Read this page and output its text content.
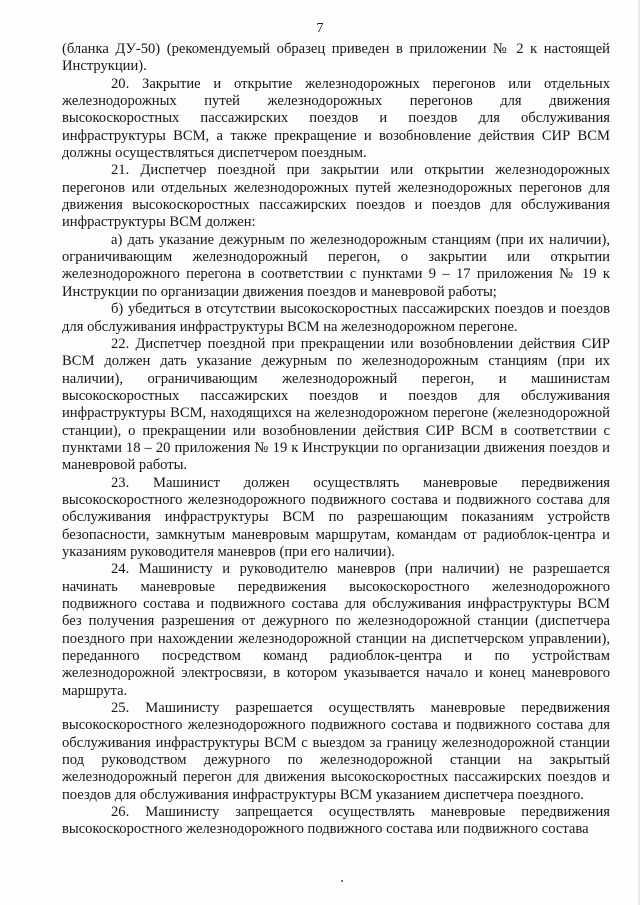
7

(бланка ДУ-50) (рекомендуемый образец приведен в приложении № 2 к настоящей Инструкции).

20. Закрытие и открытие железнодорожных перегонов или отдельных железнодорожных путей железнодорожных перегонов для движения высокоскоростных пассажирских поездов и поездов для обслуживания инфраструктуры ВСМ, а также прекращение и возобновление действия СИР ВСМ должны осуществляться диспетчером поездным.

21. Диспетчер поездной при закрытии или открытии железнодорожных перегонов или отдельных железнодорожных путей железнодорожных перегонов для движения высокоскоростных пассажирских поездов и поездов для обслуживания инфраструктуры ВСМ должен:

а) дать указание дежурным по железнодорожным станциям (при их наличии), ограничивающим железнодорожный перегон, о закрытии или открытии железнодорожного перегона в соответствии с пунктами 9 – 17 приложения № 19 к Инструкции по организации движения поездов и маневровой работы;

б) убедиться в отсутствии высокоскоростных пассажирских поездов и поездов для обслуживания инфраструктуры ВСМ на железнодорожном перегоне.

22. Диспетчер поездной при прекращении или возобновлении действия СИР ВСМ должен дать указание дежурным по железнодорожным станциям (при их наличии), ограничивающим железнодорожный перегон, и машинистам высокоскоростных пассажирских поездов и поездов для обслуживания инфраструктуры ВСМ, находящихся на железнодорожном перегоне (железнодорожной станции), о прекращении или возобновлении действия СИР ВСМ в соответствии с пунктами 18 – 20 приложения № 19 к Инструкции по организации движения поездов и маневровой работы.

23. Машинист должен осуществлять маневровые передвижения высокоскоростного железнодорожного подвижного состава и подвижного состава для обслуживания инфраструктуры ВСМ по разрешающим показаниям устройств безопасности, замкнутым маневровым маршрутам, командам от радиоблок-центра и указаниям руководителя маневров (при его наличии).

24. Машинисту и руководителю маневров (при наличии) не разрешается начинать маневровые передвижения высокоскоростного железнодорожного подвижного состава и подвижного состава для обслуживания инфраструктуры ВСМ без получения разрешения от дежурного по железнодорожной станции (диспетчера поездного при нахождении железнодорожной станции на диспетчерском управлении), переданного посредством команд радиоблок-центра и по устройствам железнодорожной электросвязи, в котором указывается начало и конец маневрового маршрута.

25. Машинисту разрешается осуществлять маневровые передвижения высокоскоростного железнодорожного подвижного состава и подвижного состава для обслуживания инфраструктуры ВСМ с выездом за границу железнодорожной станции под руководством дежурного по железнодорожной станции на закрытый железнодорожный перегон для движения высокоскоростных пассажирских поездов и поездов для обслуживания инфраструктуры ВСМ указанием диспетчера поездного.

26. Машинисту запрещается осуществлять маневровые передвижения высокоскоростного железнодорожного подвижного состава или подвижного состава
